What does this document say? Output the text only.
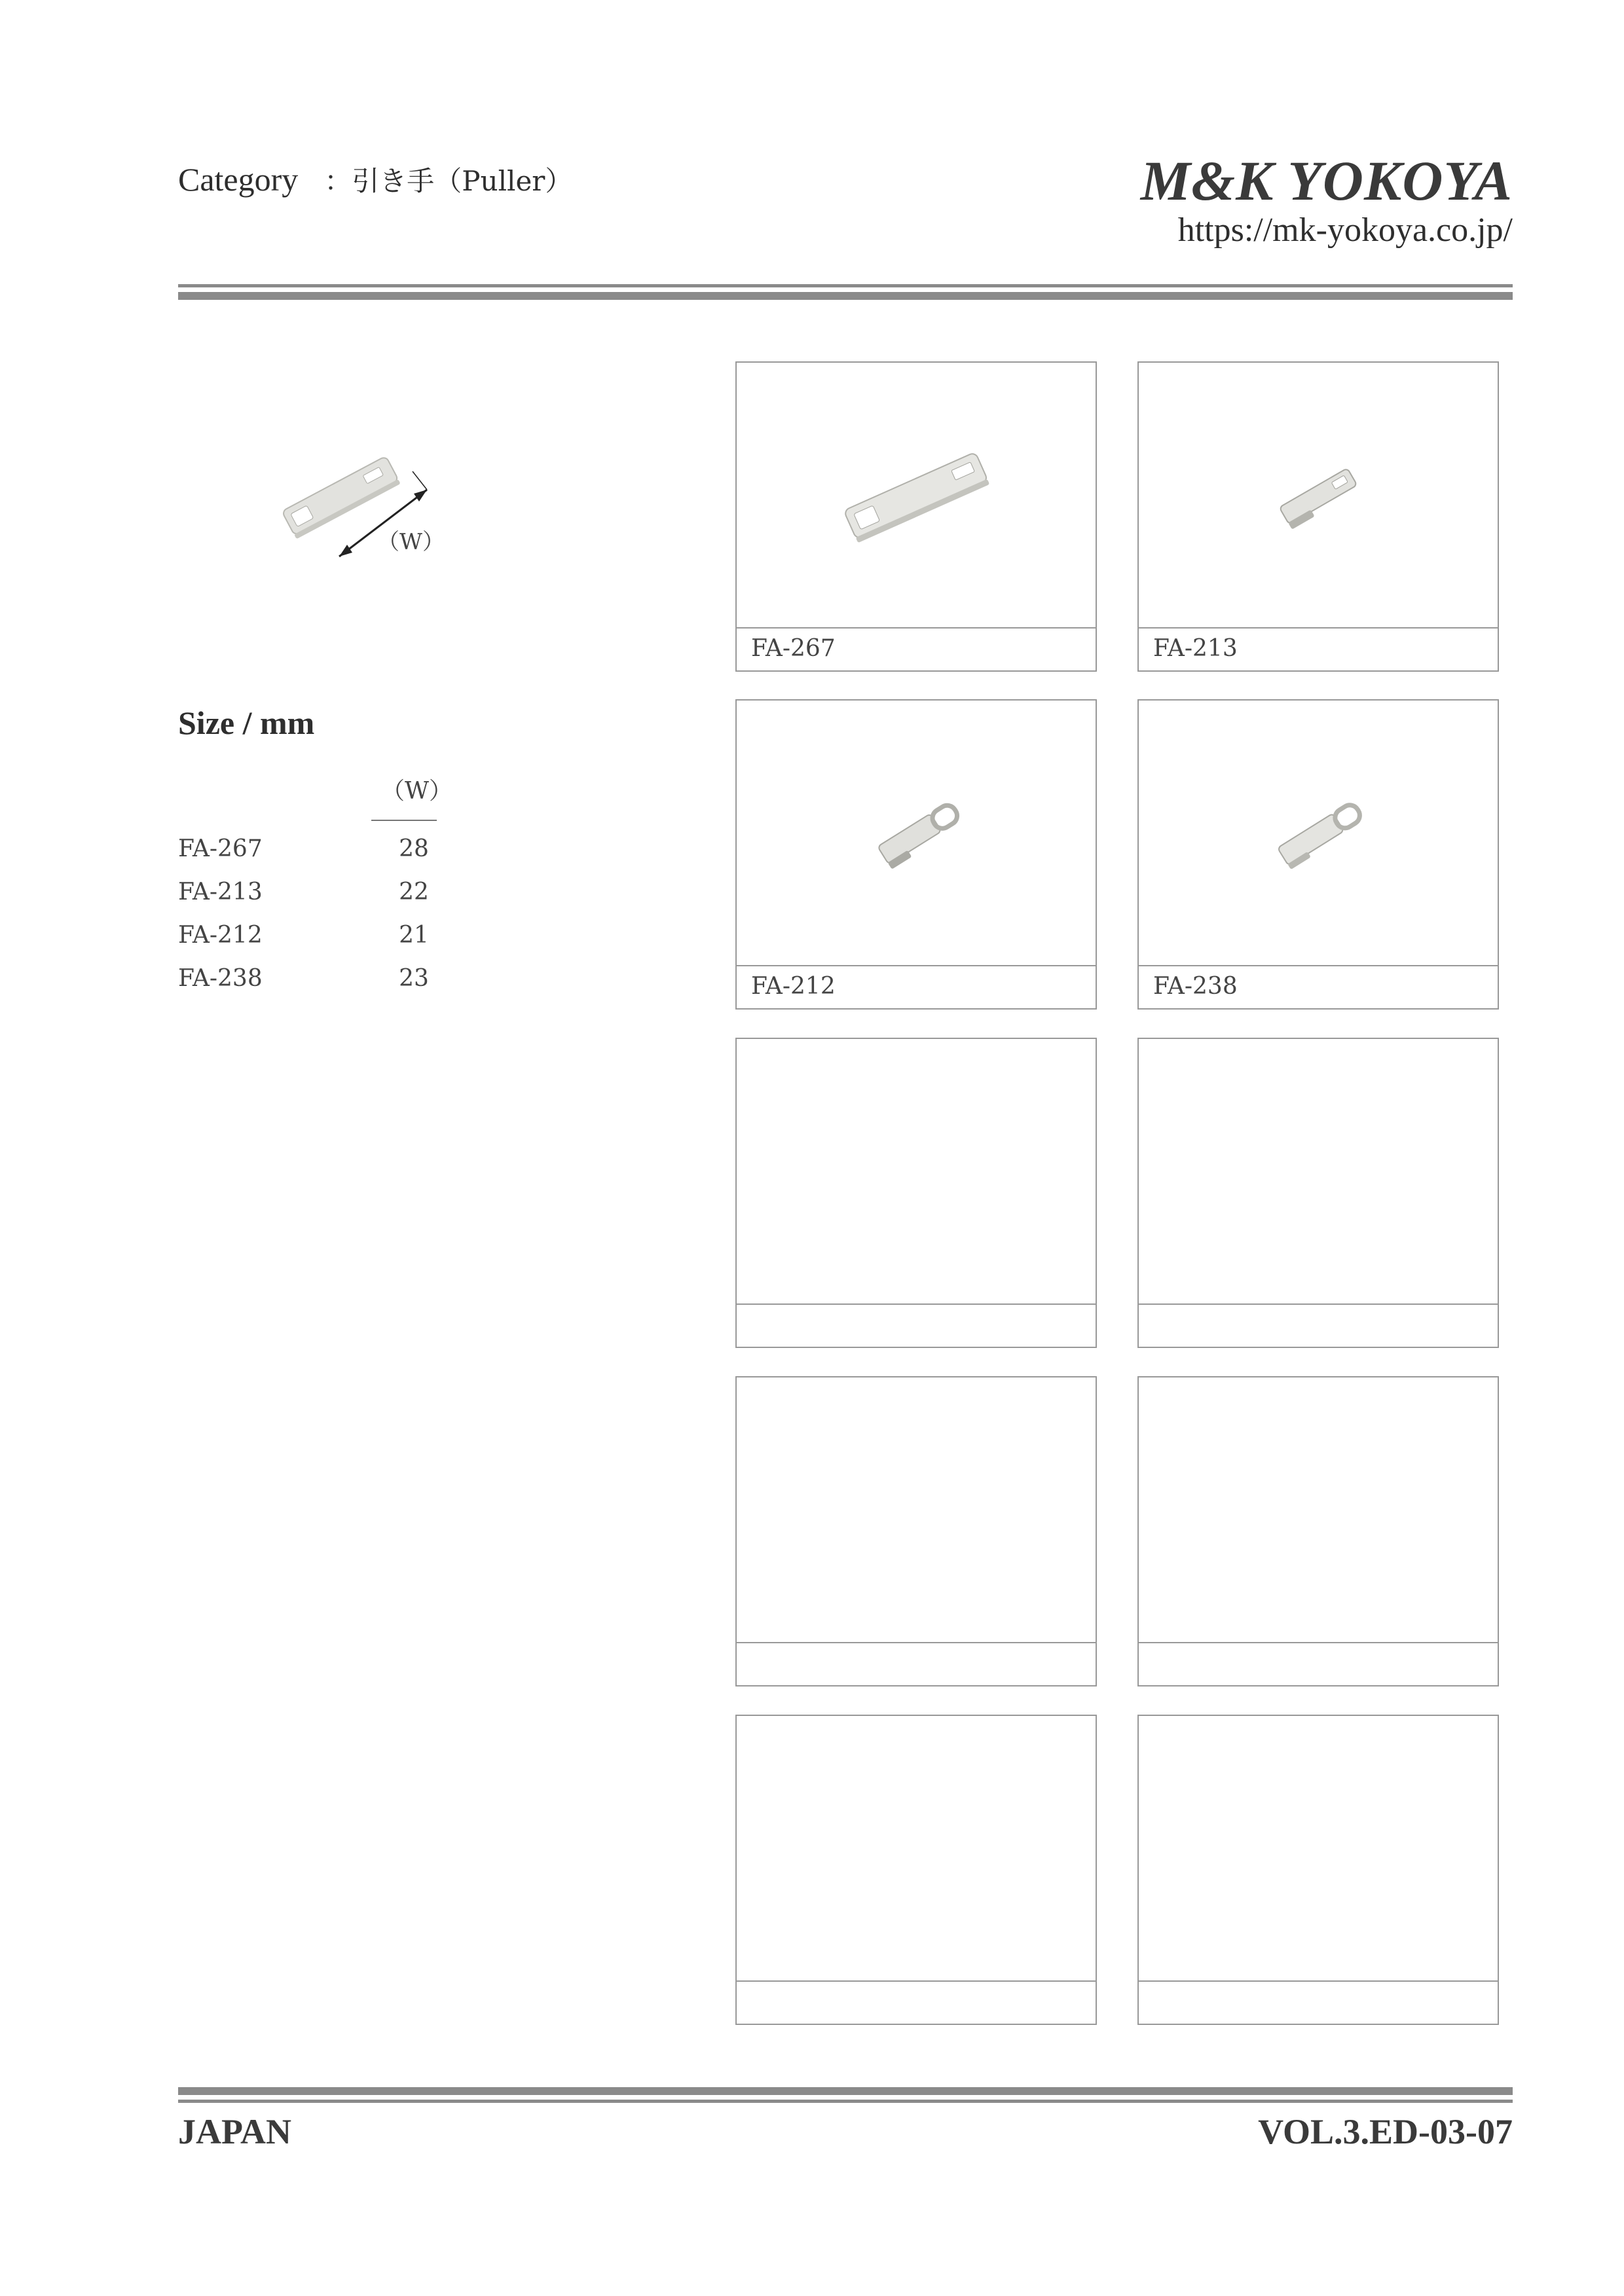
Category ：引き手（Puller）	M&K YOKOYA
https://mk-yokoya.co.jp/
（W）
Size / mm
（W）
FA-267	28
FA-213	22
FA-212	21
FA-238	23
FA-267	FA-213
FA-212	FA-238
JAPAN	VOL.3.ED-03-07
